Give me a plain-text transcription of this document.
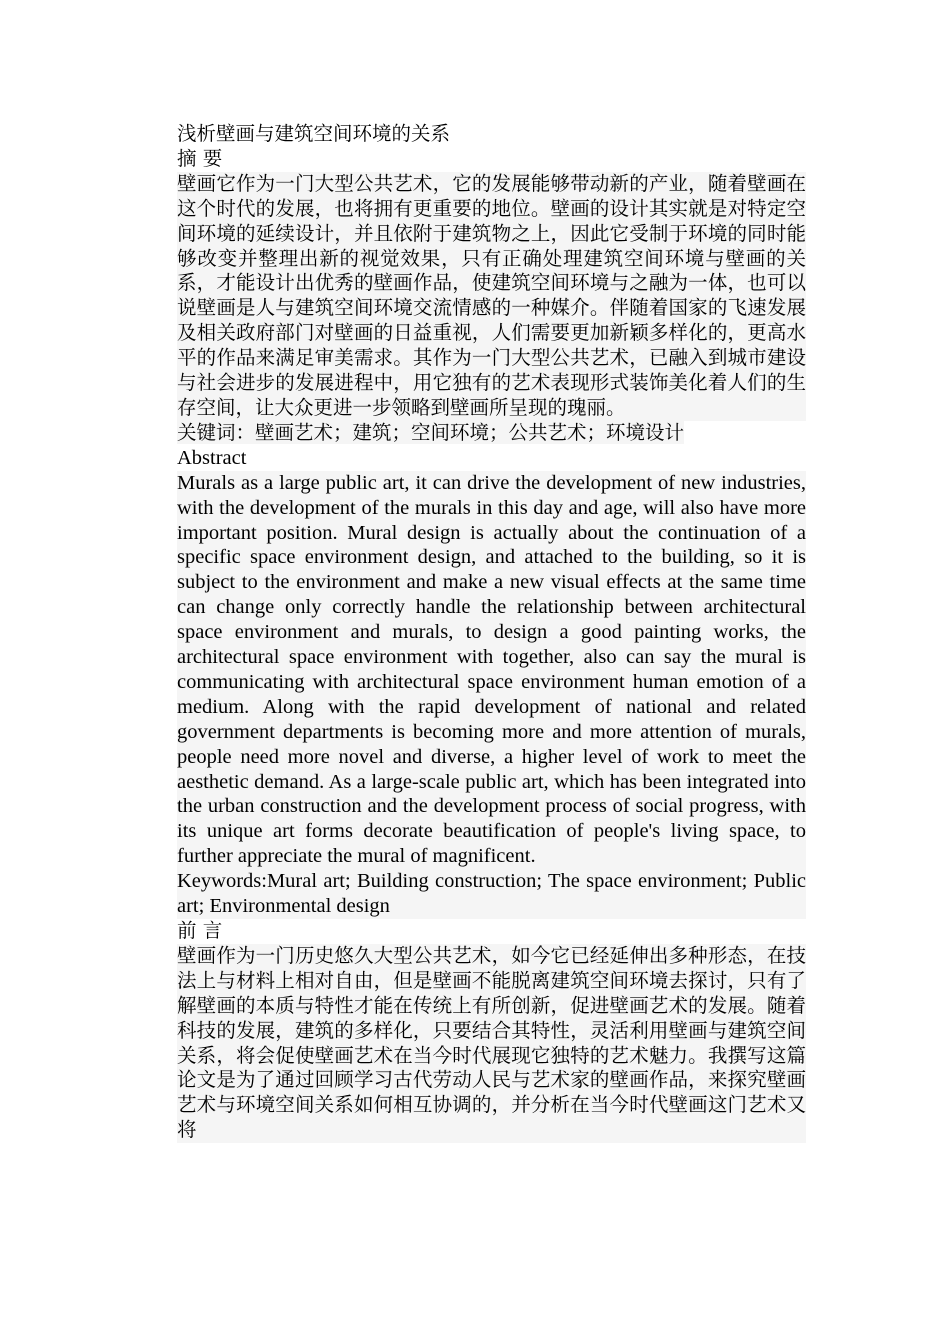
浅析壁画与建筑空间环境的关系

摘 要

壁画它作为一门大型公共艺术，它的发展能够带动新的产业，随着壁画在这个时代的发展，也将拥有更重要的地位。壁画的设计其实就是对特定空间环境的延续设计，并且依附于建筑物之上，因此它受制于环境的同时能够改变并整理出新的视觉效果，只有正确处理建筑空间环境与壁画的关系，才能设计出优秀的壁画作品，使建筑空间环境与之融为一体，也可以说壁画是人与建筑空间环境交流情感的一种媒介。伴随着国家的飞速发展及相关政府部门对壁画的日益重视，人们需要更加新颖多样化的，更高水平的作品来满足审美需求。其作为一门大型公共艺术，已融入到城市建设与社会进步的发展进程中，用它独有的艺术表现形式装饰美化着人们的生存空间，让大众更进一步领略到壁画所呈现的瑰丽。

关键词：壁画艺术；建筑；空间环境；公共艺术；环境设计

Abstract

Murals as a large public art, it can drive the development of new industries, with the development of the murals in this day and age, will also have more important position. Mural design is actually about the continuation of a specific space environment design, and attached to the building, so it is subject to the environment and make a new visual effects at the same time can change only correctly handle the relationship between architectural space environment and murals, to design a good painting works, the architectural space environment with together, also can say the mural is communicating with architectural space environment human emotion of a medium. Along with the rapid development of national and related government departments is becoming more and more attention of murals, people need more novel and diverse, a higher level of work to meet the aesthetic demand. As a large-scale public art, which has been integrated into the urban construction and the development process of social progress, with its unique art forms decorate beautification of people's living space, to further appreciate the mural of magnificent.

Keywords:Mural art; Building construction; The space environment; Public art; Environmental design

前 言

壁画作为一门历史悠久大型公共艺术，如今它已经延伸出多种形态，在技法上与材料上相对自由，但是壁画不能脱离建筑空间环境去探讨，只有了解壁画的本质与特性才能在传统上有所创新，促进壁画艺术的发展。随着科技的发展，建筑的多样化，只要结合其特性，灵活利用壁画与建筑空间关系，将会促使壁画艺术在当今时代展现它独特的艺术魅力。我撰写这篇论文是为了通过回顾学习古代劳动人民与艺术家的壁画作品，来探究壁画艺术与环境空间关系如何相互协调的，并分析在当今时代壁画这门艺术又将
